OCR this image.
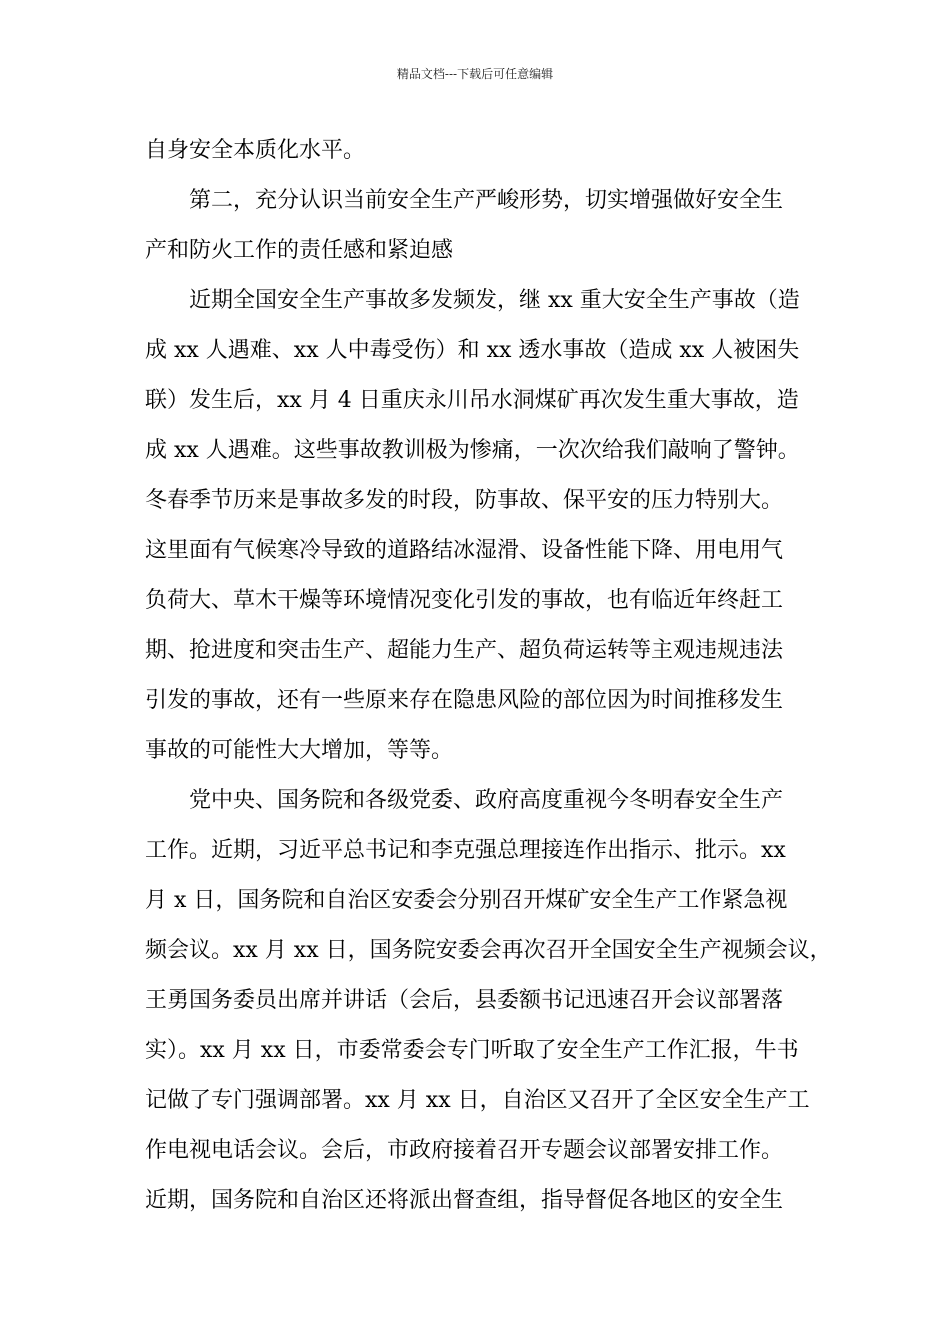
精品文档---下载后可任意编辑
自身安全本质化水平。
第二，充分认识当前安全生产严峻形势，切实增强做好安全生
产和防火工作的责任感和紧迫感
近期全国安全生产事故多发频发，继 xx 重大安全生产事故（造
成 xx 人遇难、xx 人中毒受伤）和 xx 透水事故（造成 xx 人被困失
联）发生后，xx 月 4 日重庆永川吊水洞煤矿再次发生重大事故，造
成 xx 人遇难。这些事故教训极为惨痛，一次次给我们敲响了警钟。
冬春季节历来是事故多发的时段，防事故、保平安的压力特别大。
这里面有气候寒冷导致的道路结冰湿滑、设备性能下降、用电用气
负荷大、草木干燥等环境情况变化引发的事故，也有临近年终赶工
期、抢进度和突击生产、超能力生产、超负荷运转等主观违规违法
引发的事故，还有一些原来存在隐患风险的部位因为时间推移发生
事故的可能性大大增加，等等。
党中央、国务院和各级党委、政府高度重视今冬明春安全生产
工作。近期，习近平总书记和李克强总理接连作出指示、批示。xx
月 x 日，国务院和自治区安委会分别召开煤矿安全生产工作紧急视
频会议。xx 月 xx 日，国务院安委会再次召开全国安全生产视频会议，
王勇国务委员出席并讲话（会后，县委额书记迅速召开会议部署落
实）。xx 月 xx 日，市委常委会专门听取了安全生产工作汇报，牛书
记做了专门强调部署。xx 月 xx 日，自治区又召开了全区安全生产工
作电视电话会议。会后，市政府接着召开专题会议部署安排工作。
近期，国务院和自治区还将派出督查组，指导督促各地区的安全生
